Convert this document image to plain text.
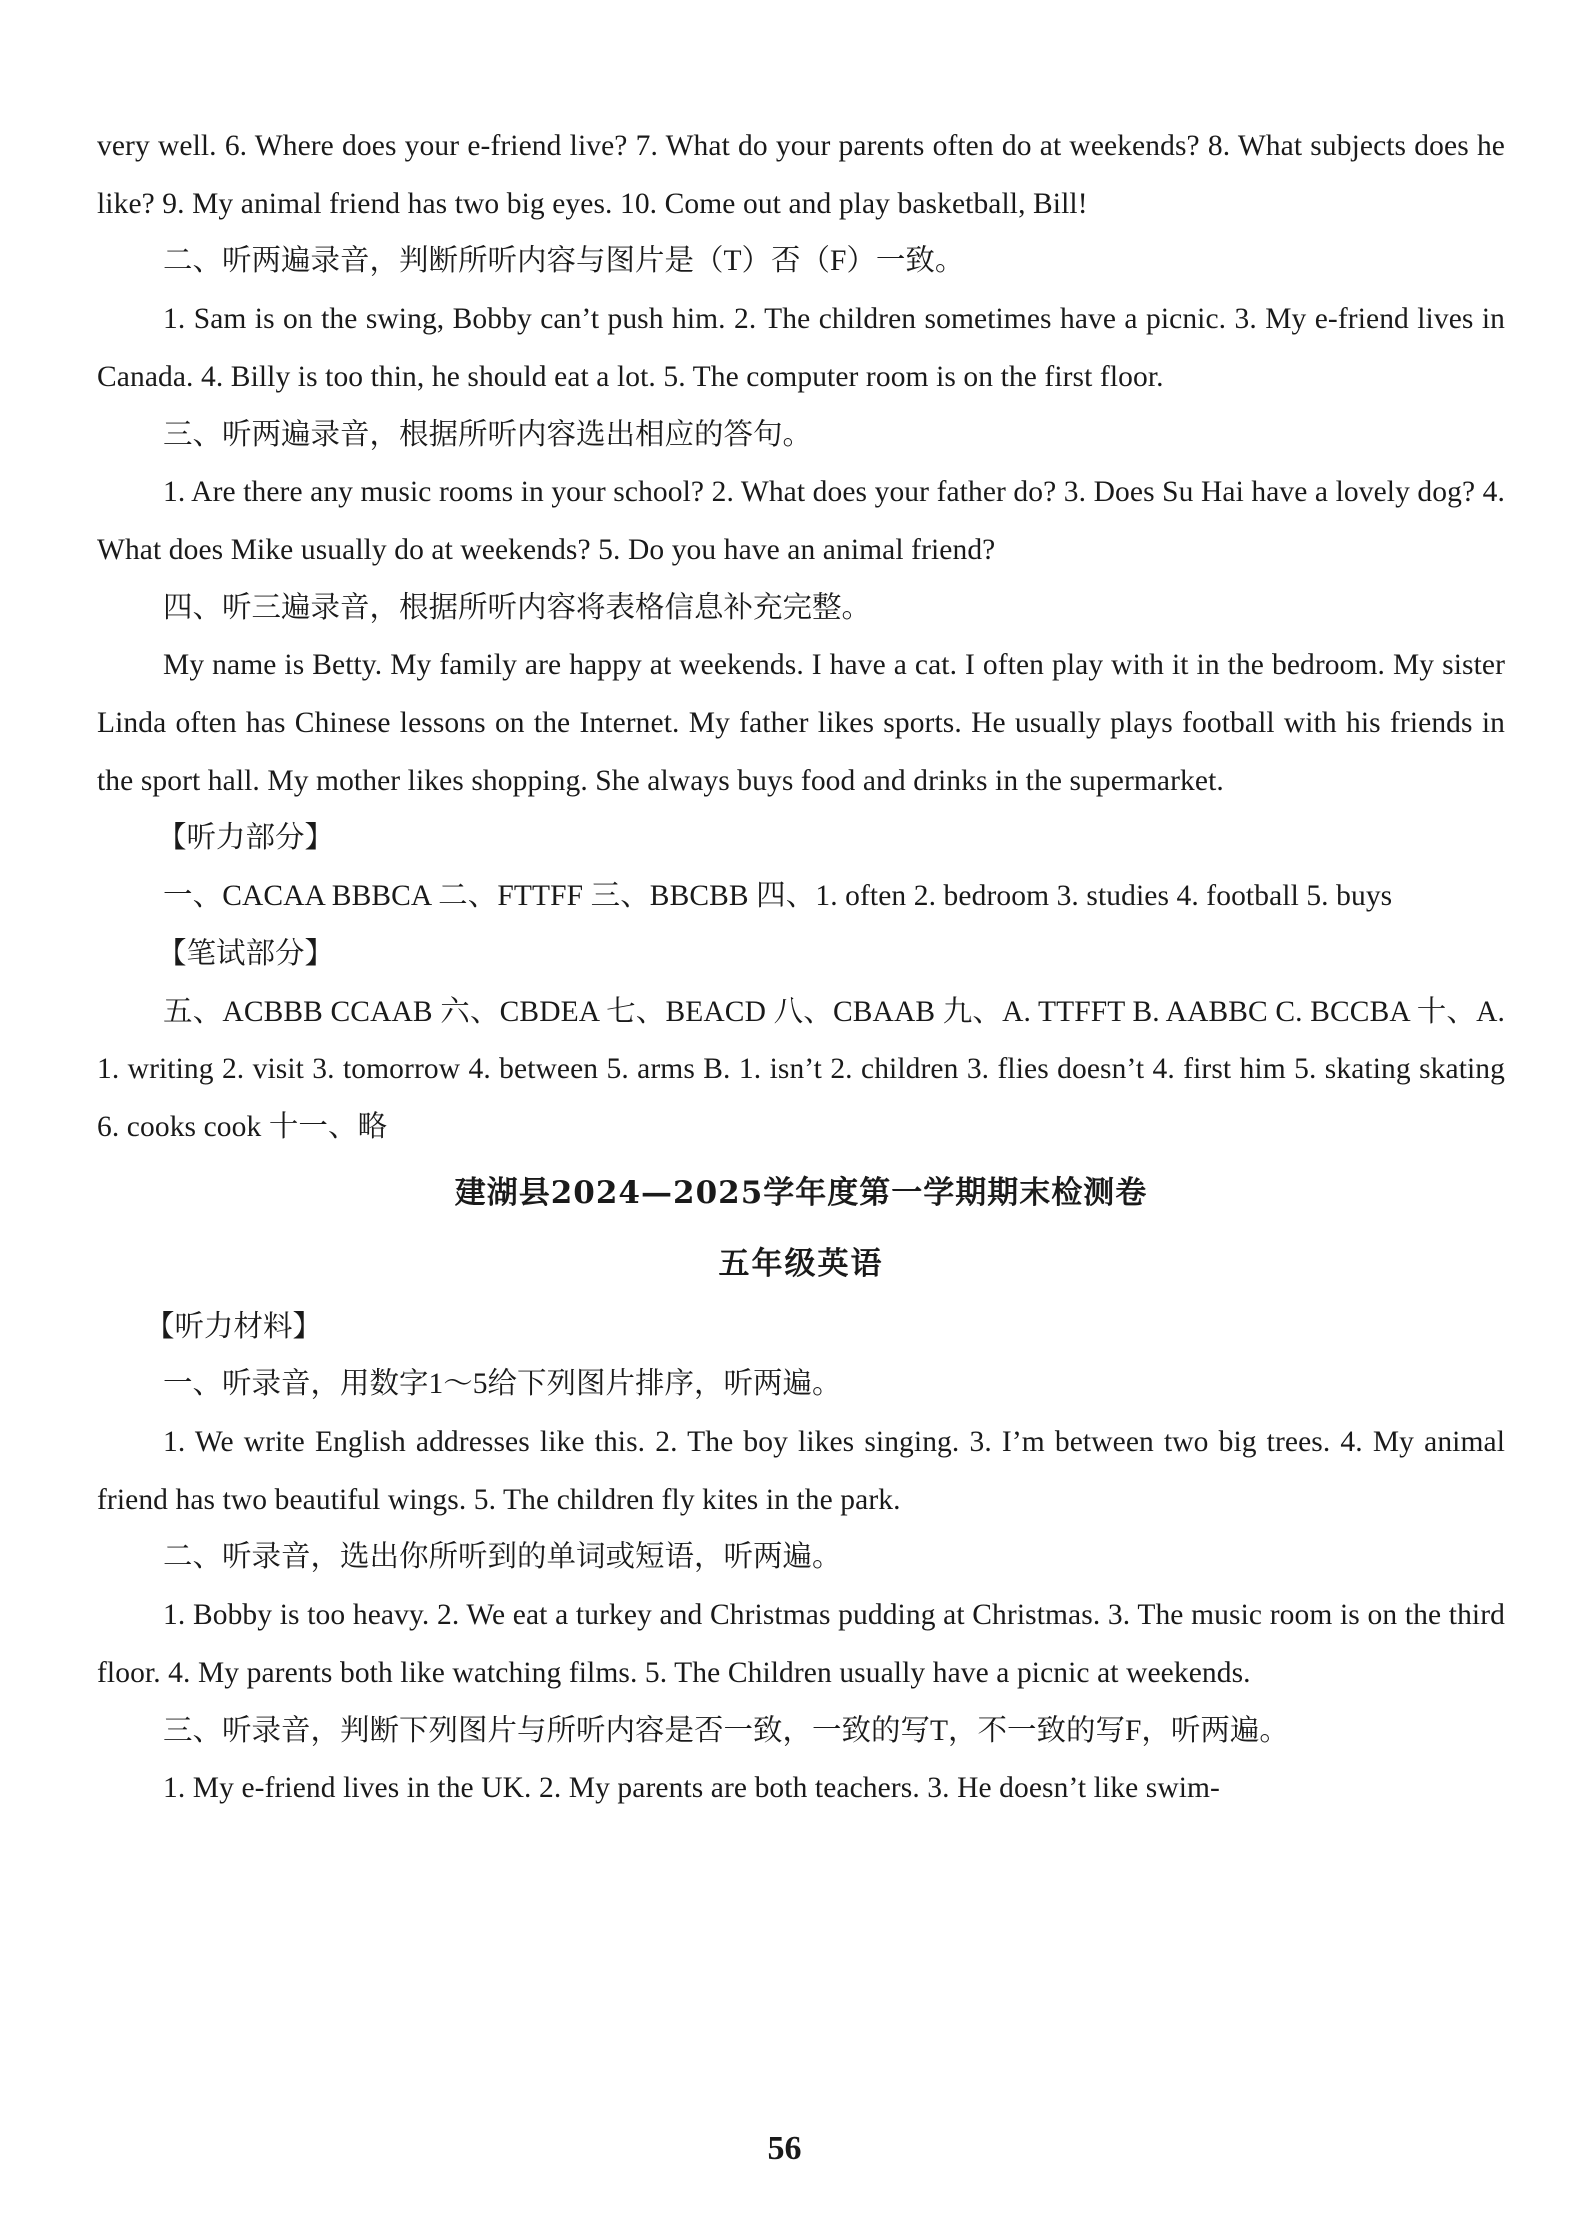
very well. 6. Where does your e-friend live? 7. What do your parents often do at weekends? 8. What subjects does he like? 9. My animal friend has two big eyes. 10. Come out and play basketball, Bill!

二、听两遍录音，判断所听内容与图片是（T）否（F）一致。

1. Sam is on the swing, Bobby can’t push him. 2. The children sometimes have a picnic. 3. My e-friend lives in Canada. 4. Billy is too thin, he should eat a lot. 5. The computer room is on the first floor.

三、听两遍录音，根据所听内容选出相应的答句。

1. Are there any music rooms in your school? 2. What does your father do? 3. Does Su Hai have a lovely dog? 4. What does Mike usually do at weekends? 5. Do you have an animal friend?

四、听三遍录音，根据所听内容将表格信息补充完整。

My name is Betty. My family are happy at weekends. I have a cat. I often play with it in the bedroom. My sister Linda often has Chinese lessons on the Internet. My father likes sports. He usually plays football with his friends in the sport hall. My mother likes shopping. She always buys food and drinks in the supermarket.

【听力部分】

一、CACAA BBBCA 二、FTTFF 三、BBCBB 四、1. often 2. bedroom 3. studies 4. football 5. buys

【笔试部分】

五、ACBBB CCAAB 六、CBDEA 七、BEACD 八、CBAAB 九、A. TTFFT B. AABBC C. BCCBA 十、A. 1. writing 2. visit 3. tomorrow 4. between 5. arms B. 1. isn’t 2. children 3. flies doesn’t 4. first him 5. skating skating 6. cooks cook 十一、略

建湖县2024—2025学年度第一学期期末检测卷

五年级英语

【听力材料】

一、听录音，用数字1～5给下列图片排序，听两遍。

1. We write English addresses like this. 2. The boy likes singing. 3. I’m between two big trees. 4. My animal friend has two beautiful wings. 5. The children fly kites in the park.

二、听录音，选出你所听到的单词或短语，听两遍。

1. Bobby is too heavy. 2. We eat a turkey and Christmas pudding at Christmas. 3. The music room is on the third floor. 4. My parents both like watching films. 5. The Children usually have a picnic at weekends.

三、听录音，判断下列图片与所听内容是否一致，一致的写T，不一致的写F，听两遍。

1. My e-friend lives in the UK. 2. My parents are both teachers. 3. He doesn’t like swim-

56
